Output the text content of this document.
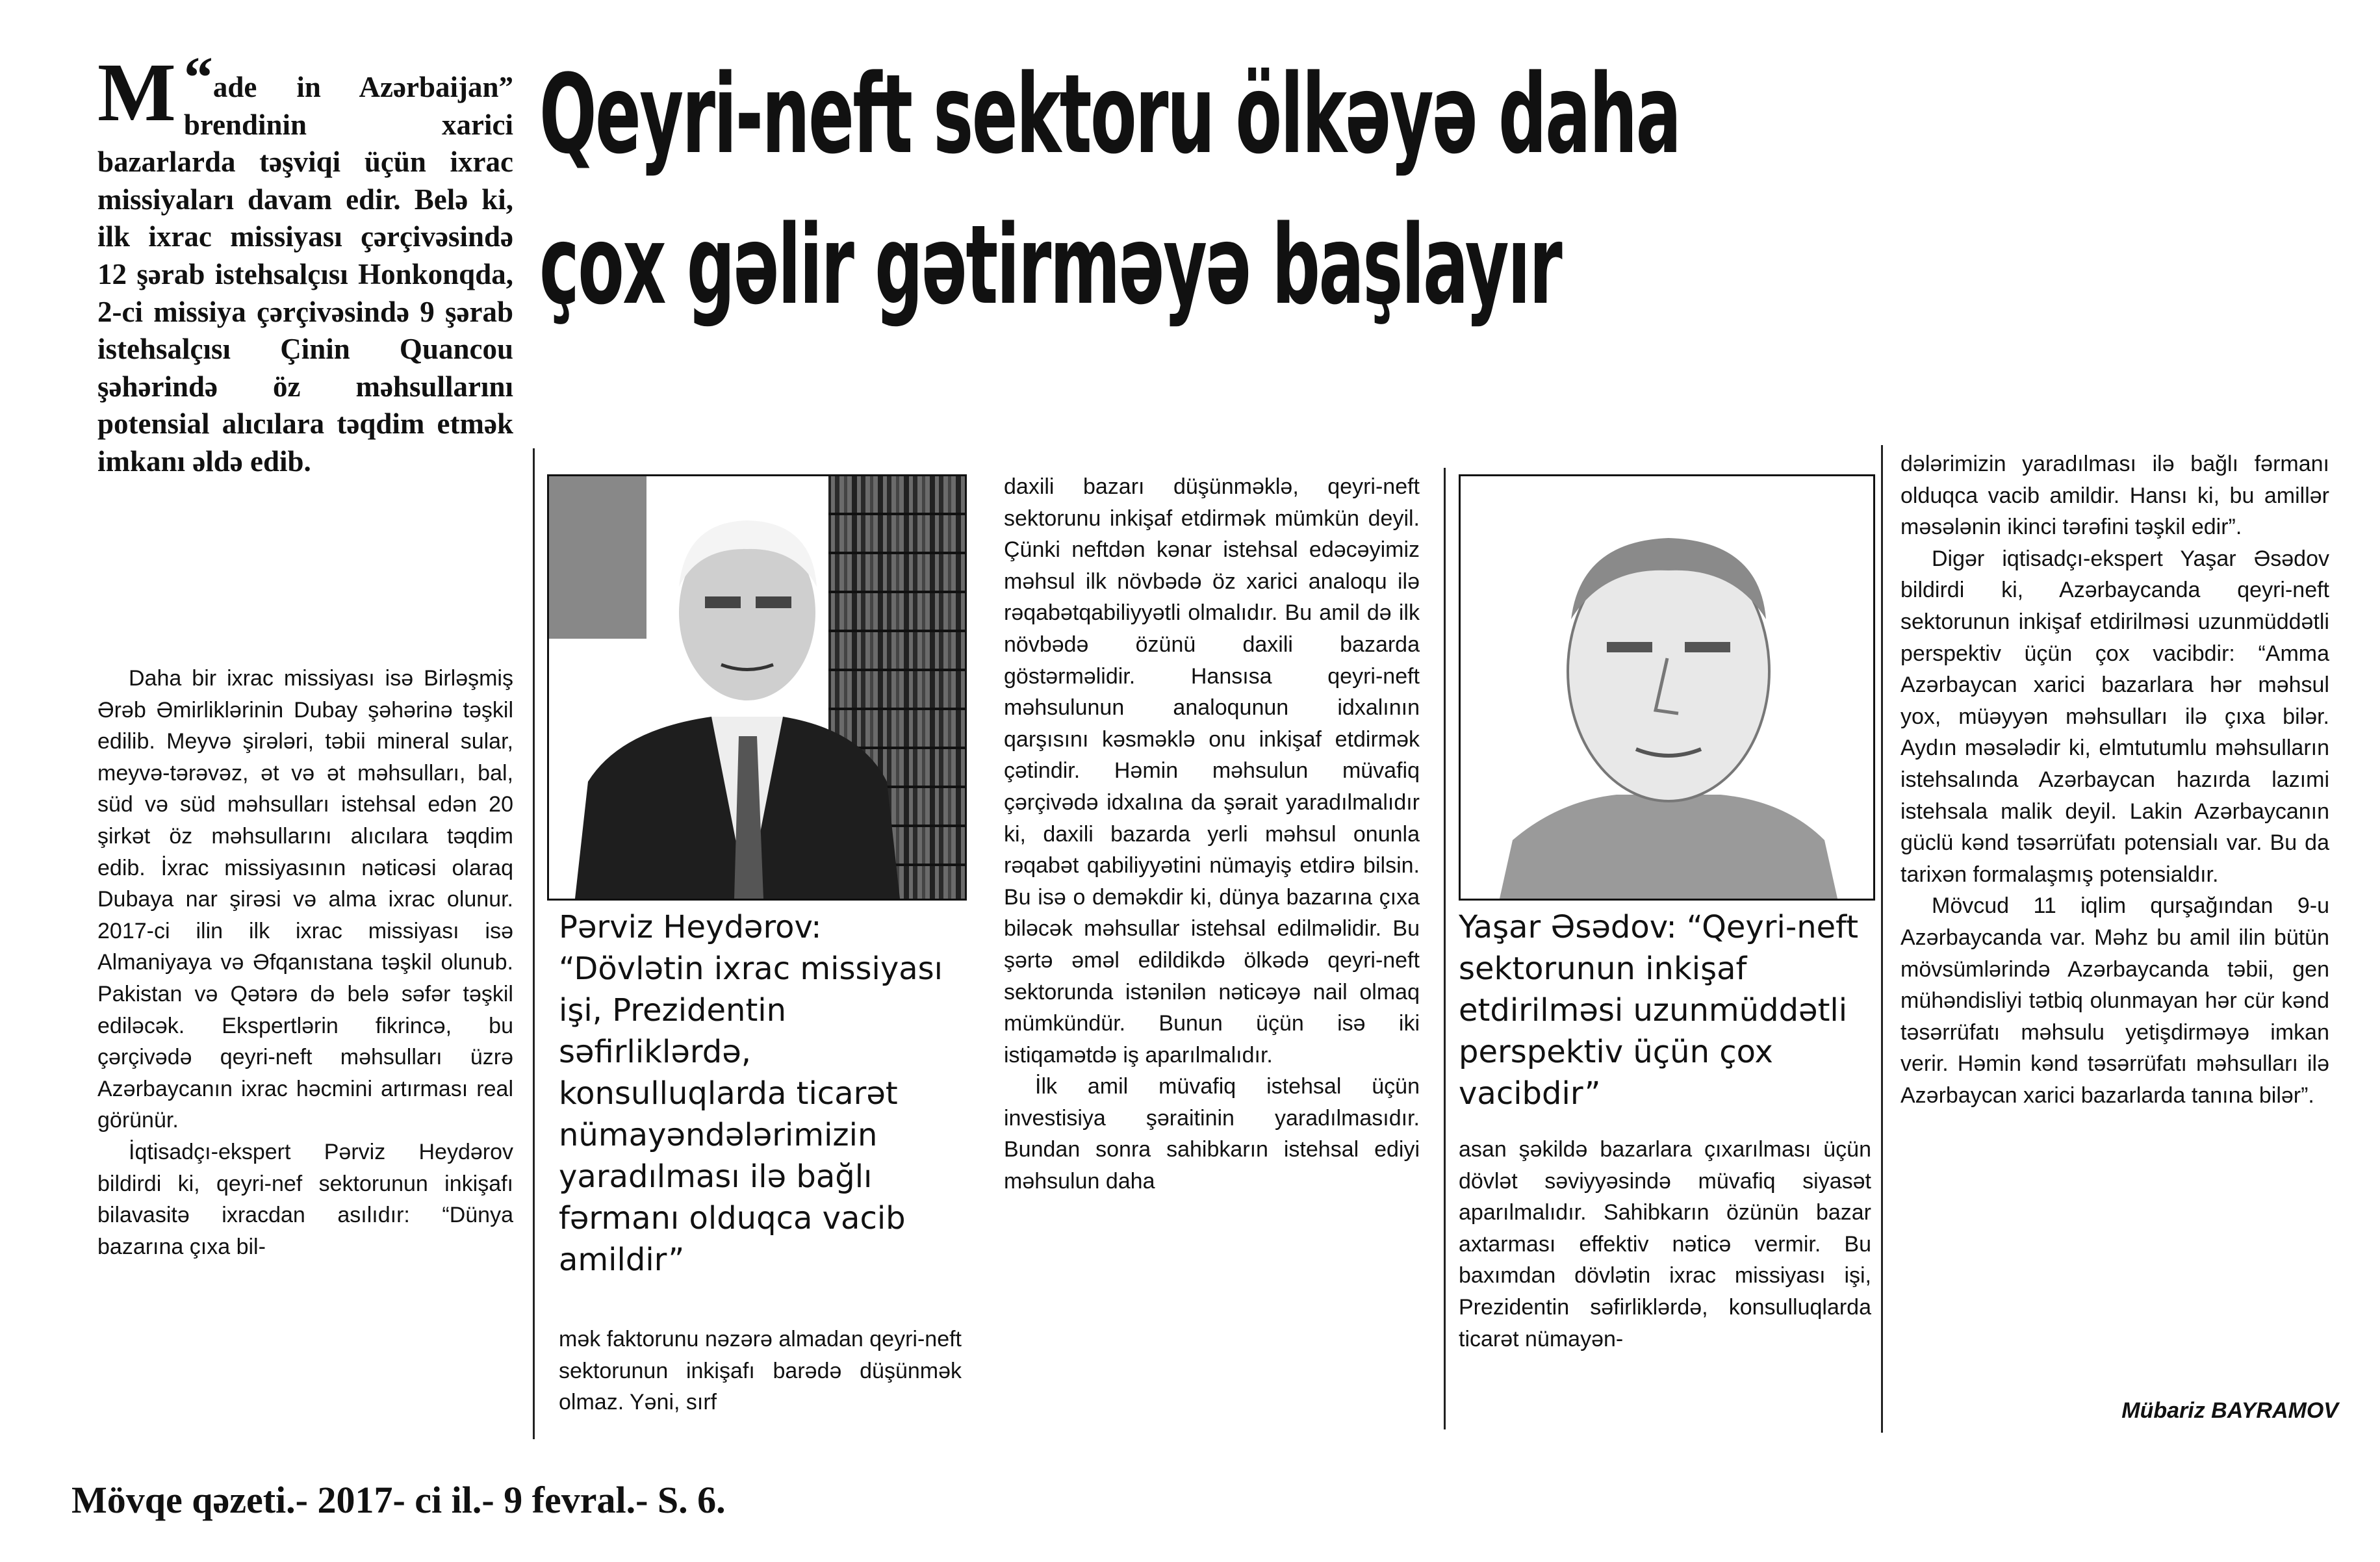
Qeyri-neft sektoru ölkəyə daha
çox gəlir gətirməyə başlayır
“
M ade in Azərbaijan” brendinin xarici bazarlarda təşviqi üçün ixrac missiyaları davam edir. Belə ki, ilk ixrac missiyası çərçivəsində 12 şərab istehsalçısı Honkonqda, 2-ci missiya çərçivəsində 9 şərab istehsalçısı Çinin Quancou şəhərində öz məhsullarını potensial alıcılara təqdim etmək imkanı əldə edib.

Daha bir ixrac missiyası isə Birləşmiş Ərəb Əmirliklərinin Dubay şəhərinə təşkil edilib. Meyvə şirələri, təbii mineral sular, meyvə-tərəvəz, ət və ət məhsulları, bal, süd və süd məhsulları istehsal edən 20 şirkət öz məhsullarını alıcılara təqdim edib. İxrac missiyasının nəticəsi olaraq Dubaya nar şirəsi və alma ixrac olunur. 2017-ci ilin ilk ixrac missiyası isə Almaniyaya və Əfqanıstana təşkil olunub. Pakistan və Qətərə də belə səfər təşkil ediləcək. Ekspertlərin fikrincə, bu çərçivədə qeyri-neft məhsulları üzrə Azərbaycanın ixrac həcmini artırması real görünür.

İqtisadçı-ekspert Pərviz Heydərov bildirdi ki, qeyri-nef sektorunun inkişafı bilavasitə ixracdan asılıdır: “Dünya bazarına çıxa bil-

Pərviz Heydərov:
“Dövlətin ixrac missiyası işi, Prezidentin səfirliklərdə, konsulluqlarda ticarət nümayəndələrimizin yaradılması ilə bağlı fərmanı olduqca vacib amildir”

mək faktorunu nəzərə almadan qeyri-neft sektorunun inkişafı barədə düşünmək olmaz. Yəni, sırf

daxili bazarı düşünməklə, qeyri-neft sektorunu inkişaf etdirmək mümkün deyil. Çünki neftdən kənar istehsal edəcəyimiz məhsul ilk növbədə öz xarici analoqu ilə rəqabətqabiliyyətli olmalıdır. Bu amil də ilk növbədə özünü daxili bazarda göstərməlidir. Hansısa qeyri-neft məhsulunun analoqunun idxalının qarşısını kəsməklə onu inkişaf etdirmək çətindir. Həmin məhsulun müvafiq çərçivədə idxalına da şərait yaradılmalıdır ki, daxili bazarda yerli məhsul onunla rəqabət qabiliyyətini nümayiş etdirə bilsin. Bu isə o deməkdir ki, dünya bazarına çıxa biləcək məhsullar istehsal edilməlidir. Bu şərtə əməl edildikdə ölkədə qeyri-neft sektorunda istənilən nəticəyə nail olmaq mümkündür. Bunun üçün isə iki istiqamətdə iş aparılmalıdır.

İlk amil müvafiq istehsal üçün investisiya şəraitinin yaradılmasıdır. Bundan sonra sahibkarın istehsal ediyi məhsulun daha

Yaşar Əsədov: “Qeyri-neft sektorunun inkişaf etdirilməsi uzunmüddətli perspektiv üçün çox vacibdir”

asan şəkildə bazarlara çıxarılması üçün dövlət səviyyəsində müvafiq siyasət aparılmalıdır. Sahibkarın özünün bazar axtarması effektiv nəticə vermir. Bu baxımdan dövlətin ixrac missiyası işi, Prezidentin səfirliklərdə, konsulluqlarda ticarət nümayən-

dələrimizin yaradılması ilə bağlı fərmanı olduqca vacib amildir. Hansı ki, bu amillər məsələnin ikinci tərəfini təşkil edir”.

Digər iqtisadçı-ekspert Yaşar Əsədov bildirdi ki, Azərbaycanda qeyri-neft sektorunun inkişaf etdirilməsi uzunmüddətli perspektiv üçün çox vacibdir: “Amma Azərbaycan xarici bazarlara hər məhsul yox, müəyyən məhsulları ilə çıxa bilər. Aydın məsələdir ki, elmtutumlu məhsulların istehsalında Azərbaycan hazırda lazımi istehsala malik deyil. Lakin Azərbaycanın güclü kənd təsərrüfatı potensialı var. Bu da tarixən formalaşmış potensialdır.

Mövcud 11 iqlim qurşağından 9-u Azərbaycanda var. Məhz bu amil ilin bütün mövsümlərində Azərbaycanda təbii, gen mühəndisliyi tətbiq olunmayan hər cür kənd təsərrüfatı məhsulu yetişdirməyə imkan verir. Həmin kənd təsərrüfatı məhsulları ilə Azərbaycan xarici bazarlarda tanına bilər”.

Mübariz BAYRAMOV
Mövqe qəzeti.- 2017- ci il.- 9 fevral.- S. 6.
